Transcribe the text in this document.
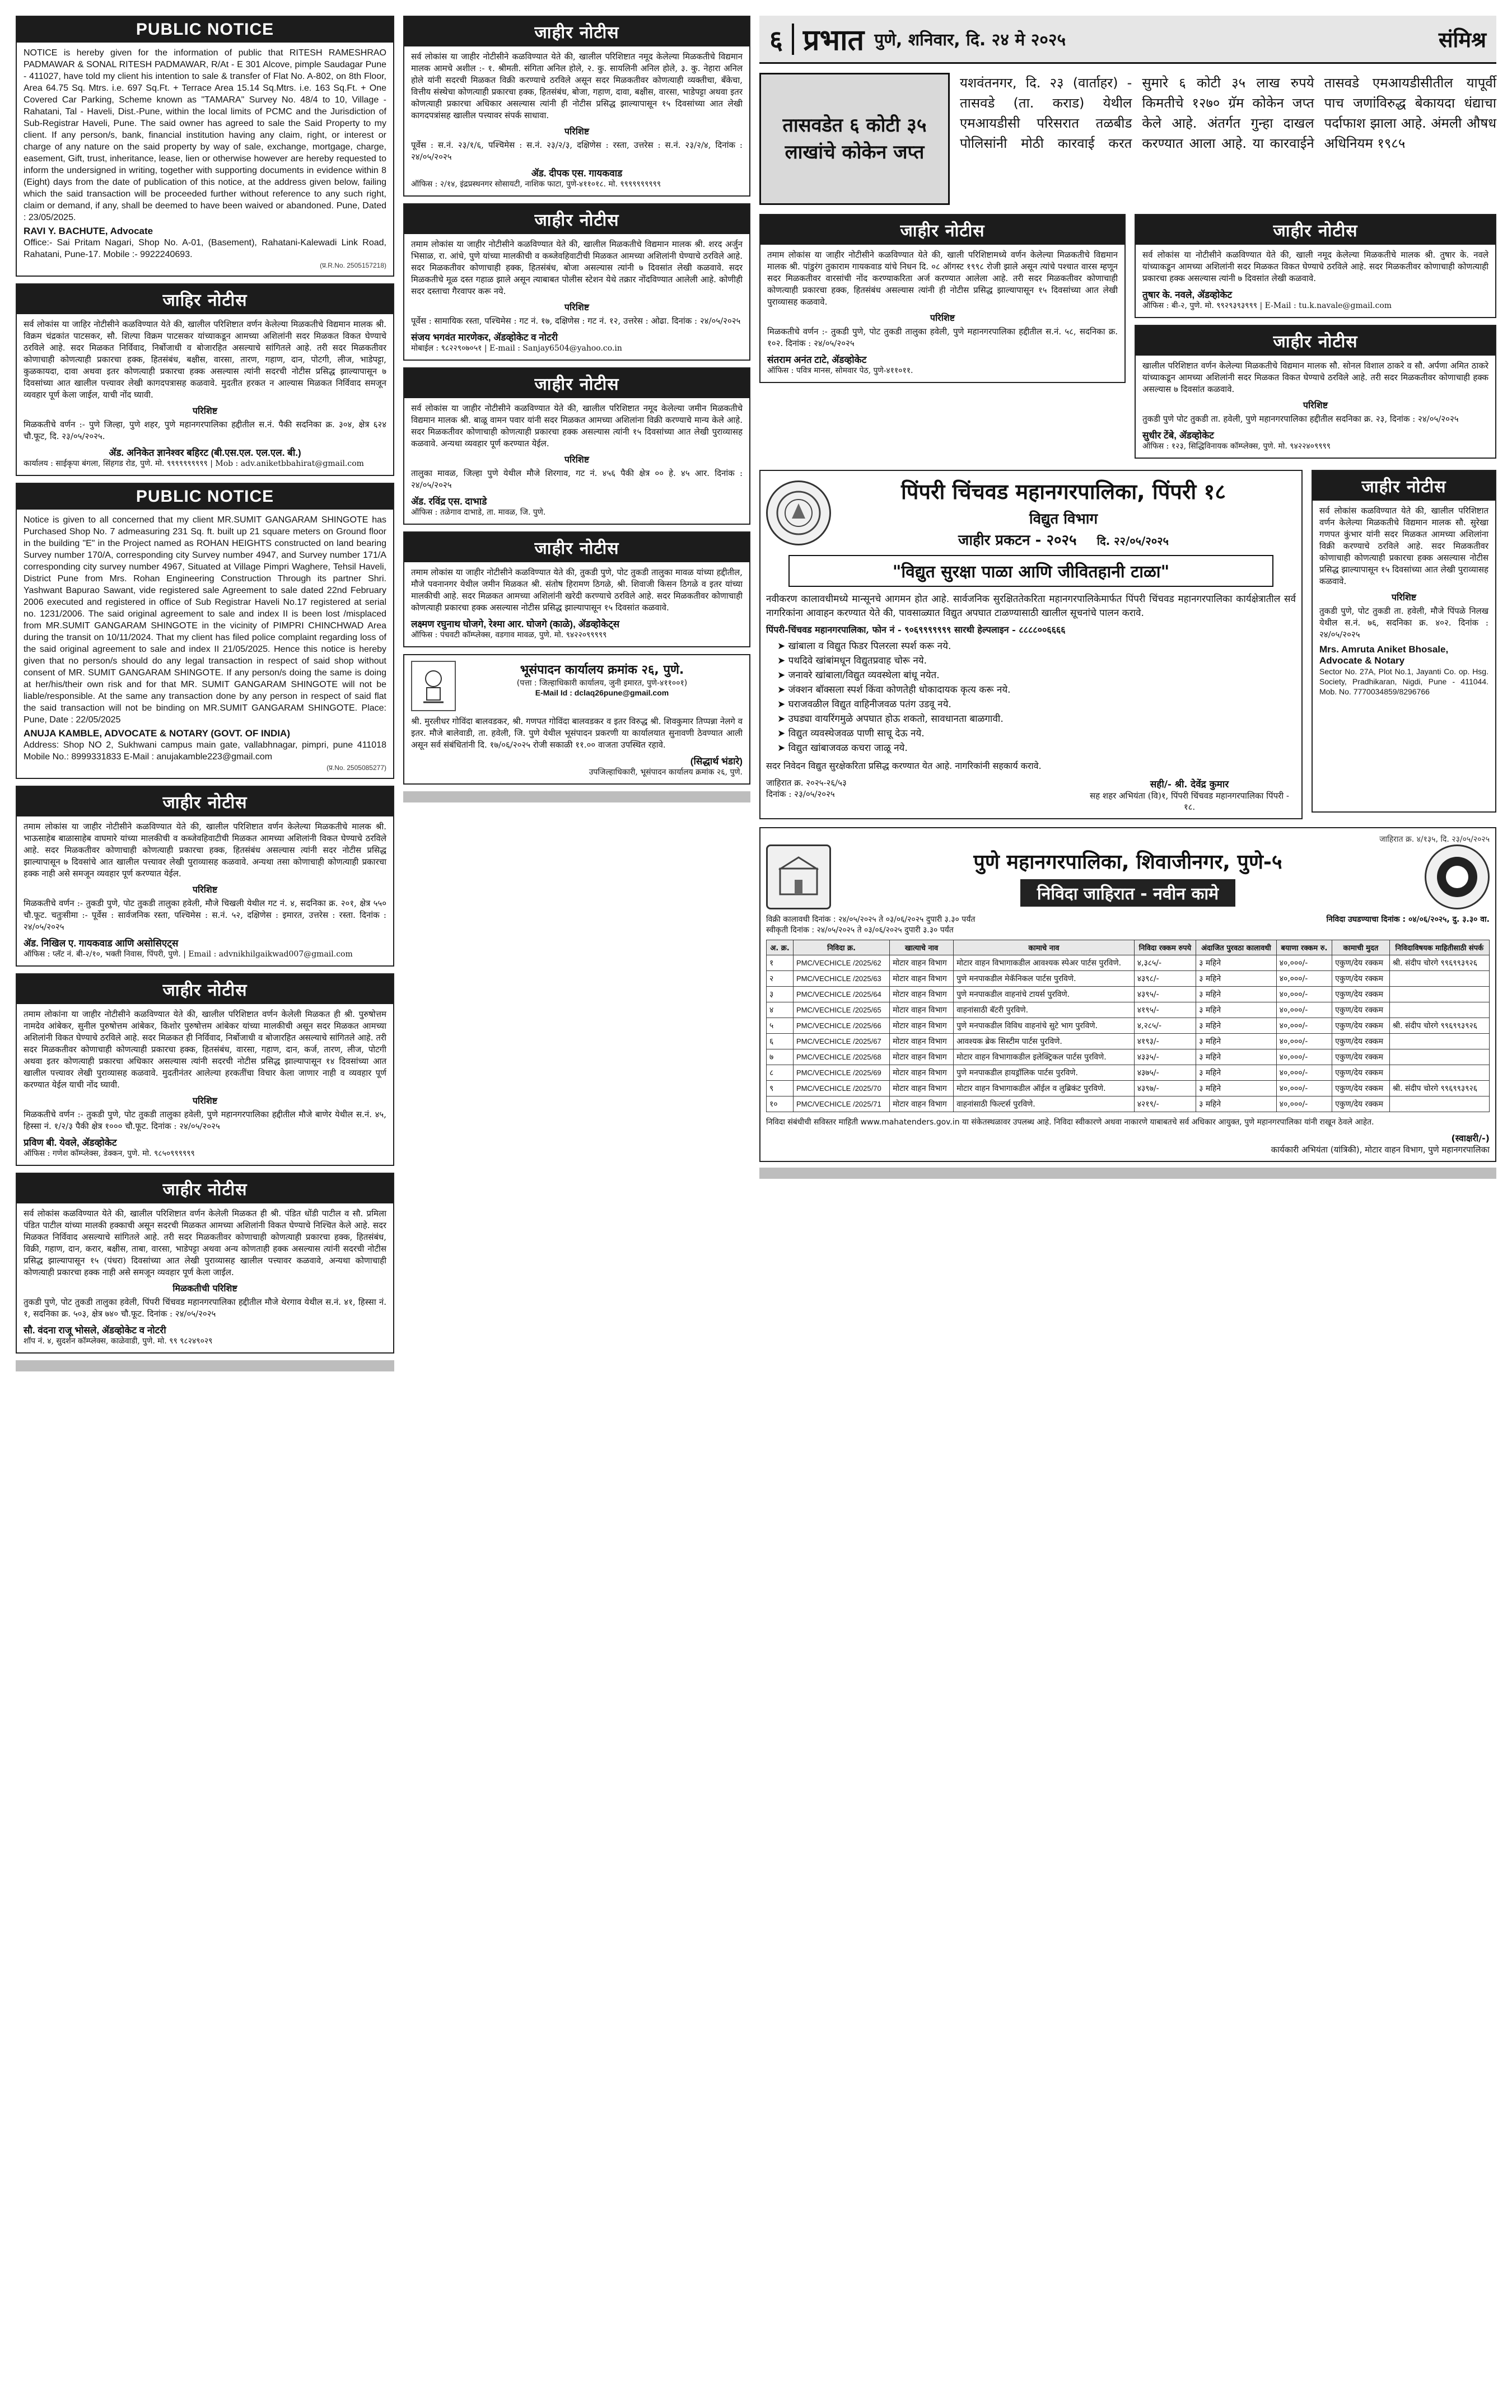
PUBLIC NOTICE

NOTICE is hereby given for the information of public that RITESH RAMESHRAO PADMAWAR & SONAL RITESH PADMAWAR, R/At - E 301 Alcove, pimple Saudagar Pune - 411027, have told my client his intention to sale & transfer of Flat No. A-802, on 8th Floor, Area 64.75 Sq. Mtrs. i.e. 697 Sq.Ft. + Terrace Area 15.14 Sq.Mtrs. i.e. 163 Sq.Ft. + One Covered Car Parking, Scheme known as "TAMARA" Survey No. 48/4 to 10, Village - Rahatani, Tal - Haveli, Dist.-Pune, within the local limits of PCMC and the Jurisdiction of Sub-Registrar Haveli, Pune. The said owner has agreed to sale the Said Property to my client. If any person/s, bank, financial institution having any claim, right, or interest or charge of any nature on the said property by way of sale, exchange, mortgage, charge, easement, Gift, trust, inheritance, lease, lien or otherwise however are hereby requested to inform the undersigned in writing, together with supporting documents in evidence within 8 (Eight) days from the date of publication of this notice, at the address given below, failing which the said transaction will be proceeded further without reference to any such right, claim or demand, if any, shall be deemed to have been waived or abandoned. Pune, Dated : 23/05/2025.

RAVI Y. BACHUTE, Advocate

Office:- Sai Pritam Nagari, Shop No. A-01, (Basement), Rahatani-Kalewadi Link Road, Rahatani, Pune-17. Mobile :- 9922240693.

(प्र.R.No. 2505157218)
जाहिर नोटीस

सर्व लोकांस या जाहिर नोटीसीने कळविण्यात येते की, खालील परिशिष्टात वर्णन केलेल्या मिळकतीचे विद्यमान मालक श्री. विक्रम चंद्रकांत पाटसकर, सौ. शिल्पा विक्रम पाटसकर यांच्याकडून आमच्या अशिलांनी सदर मिळकत विकत घेण्याचे ठरविले आहे. सदर मिळकत निर्विवाद, निर्बोजाधी व बोजारहित असल्याचे सांगितले आहे. तरी सदर मिळकतीवर कोणाचाही कोणत्याही प्रकारचा हक्क, हितसंबंध, बक्षीस, वारसा, तारण, गहाण, दान, पोटगी, लीज, भाडेपट्टा, कुळकायदा, दावा अथवा इतर कोणत्याही प्रकारचा हक्क असल्यास त्यांनी सदरची नोटीस प्रसिद्ध झाल्यापासून ७ दिवसांच्या आत खालील पत्त्यावर लेखी कागदपत्रासह कळवावे. मुदतीत हरकत न आल्यास मिळकत निर्विवाद समजून व्यवहार पूर्ण केला जाईल, याची नोंद घ्यावी.

परिशिष्ट

मिळकतीचे वर्णन :- पुणे जिल्हा, पुणे शहर, पुणे महानगरपालिका हद्दीतील स.नं. पैकी सदनिका क्र. ३०४, क्षेत्र ६२४ चौ.फूट, दि. २३/०५/२०२५.

ॲड. अनिकेत ज्ञानेश्वर बहिरट (बी.एस.एल. एल.एल. बी.)

कार्यालय : साईकृपा बंगला, सिंहगड रोड, पुणे. मो. ९९९९९९९९९९ | Mob : adv.aniketbbahirat@gmail.com

PUBLIC NOTICE

Notice is given to all concerned that my client MR.SUMIT GANGARAM SHINGOTE has Purchased Shop No. 7 admeasuring 231 Sq. ft. built up 21 square meters on Ground floor in the building "E" in the Project named as ROHAN HEIGHTS constructed on land bearing Survey number 170/A, corresponding city Survey number 4947, and Survey number 171/A corresponding city survey number 4967, Situated at Village Pimpri Waghere, Tehsil Haveli, District Pune from Mrs. Rohan Engineering Construction Through its partner Shri. Yashwant Bapurao Sawant, vide registered sale Agreement to sale dated 22nd February 2006 executed and registered in office of Sub Registrar Haveli No.17 registered at serial no. 1231/2006. The said original agreement to sale and index II is been lost /misplaced from MR.SUMIT GANGARAM SHINGOTE in the vicinity of PIMPRI CHINCHWAD Area during the transit on 10/11/2024. That my client has filed police complaint regarding loss of the said original agreement to sale and index II 21/05/2025. Hence this notice is hereby given that no person/s should do any legal transaction in respect of said shop without consent of MR. SUMIT GANGARAM SHINGOTE. If any person/s doing the same is doing at her/his/their own risk and for that MR. SUMIT GANGARAM SHINGOTE will not be liable/responsible. At the same any transaction done by any person in respect of said flat the said transaction will not be binding on MR.SUMIT GANGARAM SHINGOTE. Place: Pune, Date : 22/05/2025

ANUJA KAMBLE, ADVOCATE & NOTARY (GOVT. OF INDIA)

Address: Shop NO 2, Sukhwani campus main gate, vallabhnagar, pimpri, pune 411018 Mobile No.: 8999331833 E-Mail : anujakamble223@gmail.com

(प्र.No. 2505085277)
जाहीर नोटीस

तमाम लोकांस या जाहीर नोटीसीने कळविण्यात येते की, खालील परिशिष्टात वर्णन केलेल्या मिळकतीचे मालक श्री. भाऊसाहेब बाळासाहेब वाघमारे यांच्या मालकीची व कब्जेवहिवाटीची मिळकत आमच्या अशिलांनी विकत घेण्याचे ठरविले आहे. सदर मिळकतीवर कोणाचाही कोणत्याही प्रकारचा हक्क, हितसंबंध असल्यास त्यांनी सदर नोटीस प्रसिद्ध झाल्यापासून ७ दिवसांचे आत खालील पत्त्यावर लेखी पुराव्यासह कळवावे. अन्यथा तसा कोणाचाही कोणत्याही प्रकारचा हक्क नाही असे समजून व्यवहार पूर्ण करण्यात येईल.

परिशिष्ट

मिळकतीचे वर्णन :- तुकडी पुणे, पोट तुकडी तालुका हवेली, मौजे चिखली येथील गट नं. ४, सदनिका क्र. २०१, क्षेत्र ५५० चौ.फूट. चतुःसीमा :- पूर्वेस : सार्वजनिक रस्ता, पश्चिमेस : स.नं. ५२, दक्षिणेस : इमारत, उत्तरेस : रस्ता. दिनांक : २४/०५/२०२५

ॲड. निखिल ए. गायकवाड आणि असोसिएट्स

ऑफिस : प्लॅट नं. बी-२/१०, भक्ती निवास, पिंपरी, पुणे. | Email : advnikhilgaikwad007@gmail.com

जाहीर नोटीस

तमाम लोकांना या जाहीर नोटीसीने कळविण्यात येते की, खालील परिशिष्टात वर्णन केलेली मिळकत ही श्री. पुरुषोत्तम नामदेव आंबेकर, सुनील पुरुषोत्तम आंबेकर, किशोर पुरुषोत्तम आंबेकर यांच्या मालकीची असून सदर मिळकत आमच्या अशिलांनी विकत घेण्याचे ठरविले आहे. सदर मिळकत ही निर्विवाद, निर्बोजाधी व बोजारहित असल्याचे सांगितले आहे. तरी सदर मिळकतीवर कोणाचाही कोणत्याही प्रकारचा हक्क, हितसंबंध, वारसा, गहाण, दान, कर्ज, तारण, लीज, पोटगी अथवा इतर कोणत्याही प्रकारचा अधिकार असल्यास त्यांनी सदरची नोटीस प्रसिद्ध झाल्यापासून १४ दिवसांच्या आत खालील पत्त्यावर लेखी पुराव्यासह कळवावे. मुदतीनंतर आलेल्या हरकतींचा विचार केला जाणार नाही व व्यवहार पूर्ण करण्यात येईल याची नोंद घ्यावी.

परिशिष्ट

मिळकतीचे वर्णन :- तुकडी पुणे, पोट तुकडी तालुका हवेली, पुणे महानगरपालिका हद्दीतील मौजे बाणेर येथील स.नं. ४५, हिस्सा नं. १/२/३ पैकी क्षेत्र १००० चौ.फूट. दिनांक : २४/०५/२०२५

प्रविण बी. येवले, ॲडव्होकेट

ऑफिस : गणेश कॉम्प्लेक्स, डेक्कन, पुणे. मो. ९८५०९९९९९९

जाहीर नोटीस

सर्व लोकांस कळविण्यात येते की, खालील परिशिष्टात वर्णन केलेली मिळकत ही श्री. पंडित धोंडी पाटील व सौ. प्रमिला पंडित पाटील यांच्या मालकी हक्काची असून सदरची मिळकत आमच्या अशिलांनी विकत घेण्याचे निश्चित केले आहे. सदर मिळकत निर्विवाद असल्याचे सांगितले आहे. तरी सदर मिळकतीवर कोणाचाही कोणत्याही प्रकारचा हक्क, हितसंबंध, विक्री, गहाण, दान, करार, बक्षीस, ताबा, वारसा, भाडेपट्टा अथवा अन्य कोणताही हक्क असल्यास त्यांनी सदरची नोटीस प्रसिद्ध झाल्यापासून १५ (पंधरा) दिवसांच्या आत लेखी पुराव्यासह खालील पत्त्यावर कळवावे, अन्यथा कोणाचाही कोणत्याही प्रकारचा हक्क नाही असे समजून व्यवहार पूर्ण केला जाईल.

मिळकतीची परिशिष्ट

तुकडी पुणे, पोट तुकडी तालुका हवेली, पिंपरी चिंचवड महानगरपालिका हद्दीतील मौजे थेरगाव येथील स.नं. ४१, हिस्सा नं. १, सदनिका क्र. ५०३, क्षेत्र ७४० चौ.फूट. दिनांक : २४/०५/२०२५

सौ. वंदना राजू भोसले, ॲडव्होकेट व नोटरी

शॉप नं. ४, सुदर्शन कॉम्प्लेक्स, काळेवाडी, पुणे. मो. ९९ ९८२४९०२९

जाहीर नोटीस

सर्व लोकांस या जाहीर नोटीसीने कळविण्यात येते की, खालील परिशिष्टात नमूद केलेल्या मिळकतीचे विद्यमान मालक आमचे अशील :- १. श्रीमती. संगिता अनिल होले, २. कु. सायलिनी अनिल होले, ३. कु. नेहारा अनिल होले यांनी सदरची मिळकत विक्री करण्याचे ठरविले असून सदर मिळकतीवर कोणत्याही व्यक्तीचा, बँकेचा, वित्तीय संस्थेचा कोणत्याही प्रकारचा हक्क, हितसंबंध, बोजा, गहाण, दावा, बक्षीस, वारसा, भाडेपट्टा अथवा इतर कोणत्याही प्रकारचा अधिकार असल्यास त्यांनी ही नोटीस प्रसिद्ध झाल्यापासून १५ दिवसांच्या आत लेखी कागदपत्रांसह खालील पत्त्यावर संपर्क साधावा.

परिशिष्ट

पूर्वेस : स.नं. २३/१/६, पश्चिमेस : स.नं. २३/२/३, दक्षिणेस : रस्ता, उत्तरेस : स.नं. २३/२/४, दिनांक : २४/०५/२०२५

ॲड. दीपक एस. गायकवाड

ऑफिस : २/१४, इंद्रप्रस्थनगर सोसायटी, नाशिक फाटा, पुणे-४११०१८. मो. ९९९९९९९९९९

जाहीर नोटीस

तमाम लोकांस या जाहीर नोटीसीने कळविण्यात येते की, खालील मिळकतीचे विद्यमान मालक श्री. शरद अर्जुन भिसाळ, रा. आंधे, पुणे यांच्या मालकीची व कब्जेवहिवाटीची मिळकत आमच्या अशिलांनी घेण्याचे ठरविले आहे. सदर मिळकतीवर कोणाचाही हक्क, हितसंबंध, बोजा असल्यास त्यांनी ७ दिवसांत लेखी कळवावे. सदर मिळकतीचे मूळ दस्त गहाळ झाले असून त्याबाबत पोलीस स्टेशन येथे तक्रार नोंदविण्यात आलेली आहे. कोणीही सदर दस्ताचा गैरवापर करू नये.

परिशिष्ट

पूर्वेस : सामायिक रस्ता, पश्चिमेस : गट नं. १७, दक्षिणेस : गट नं. १२, उत्तरेस : ओढा. दिनांक : २४/०५/२०२५

संजय भगवंत मारणेकर, ॲडव्होकेट व नोटरी

मोबाईल : ९८२२९०७०५१ | E-mail : Sanjay6504@yahoo.co.in

जाहीर नोटीस

सर्व लोकांस या जाहीर नोटीसीने कळविण्यात येते की, खालील परिशिष्टात नमूद केलेल्या जमीन मिळकतीचे विद्यमान मालक श्री. बाळू वामन पवार यांनी सदर मिळकत आमच्या अशिलांना विक्री करण्याचे मान्य केले आहे. सदर मिळकतीवर कोणाचाही कोणत्याही प्रकारचा हक्क असल्यास त्यांनी १५ दिवसांच्या आत लेखी पुराव्यासह कळवावे. अन्यथा व्यवहार पूर्ण करण्यात येईल.

परिशिष्ट

तालुका मावळ, जिल्हा पुणे येथील मौजे शिरगाव, गट नं. ४५६ पैकी क्षेत्र ०० हे. ४५ आर. दिनांक : २४/०५/२०२५

ॲड. रविंद्र एस. दाभाडे

ऑफिस : तळेगाव दाभाडे, ता. मावळ, जि. पुणे.

जाहीर नोटीस

तमाम लोकांस या जाहीर नोटीसीने कळविण्यात येते की, तुकडी पुणे, पोट तुकडी तालुका मावळ यांच्या हद्दीतील, मौजे पवनानगर येथील जमीन मिळकत श्री. संतोष हिरामण ठिगळे, श्री. शिवाजी किसन ठिगळे व इतर यांच्या मालकीची आहे. सदर मिळकत आमच्या अशिलांनी खरेदी करण्याचे ठरविले आहे. सदर मिळकतीवर कोणाचाही कोणत्याही प्रकारचा हक्क असल्यास नोटीस प्रसिद्ध झाल्यापासून १५ दिवसांत कळवावे.

लक्ष्मण रघुनाथ घोजगे, रेश्मा आर. घोजगे (काळे), ॲडव्होकेट्स

ऑफिस : पंचवटी कॉम्प्लेक्स, वडगाव मावळ, पुणे. मो. ९४२२०९९९९९

भूसंपादन कार्यालय क्रमांक २६, पुणे.
(पत्ता : जिल्हाधिकारी कार्यालय, जुनी इमारत, पुणे-४११००१)
E-Mail Id : dclaq26pune@gmail.com

श्री. मुरलीधर गोविंदा बालवडकर, श्री. गणपत गोविंदा बालवडकर व इतर विरुद्ध श्री. शिवकुमार तिप्पन्ना नेलगे व इतर. मौजे बालेवाडी, ता. हवेली, जि. पुणे येथील भूसंपादन प्रकरणी या कार्यालयात सुनावणी ठेवण्यात आली असून सर्व संबंधितांनी दि. १७/०६/२०२५ रोजी सकाळी ११.०० वाजता उपस्थित रहावे.

(सिद्धार्थ भंडारे)

उपजिल्हाधिकारी, भूसंपादन कार्यालय क्रमांक २६, पुणे.

६ प्रभात पुणे, शनिवार, दि. २४ मे २०२५	संमिश्र
तासवडेत ६ कोटी ३५ लाखांचे कोकेन जप्त
यशवंतनगर, दि. २३ (वार्ताहर) - तासवडे (ता. कराड) येथील एमआयडीसी परिसरात तळबीड पोलिसांनी मोठी कारवाई करत सुमारे ६ कोटी ३५ लाख रुपये किमतीचे १२७० ग्रॅम कोकेन जप्त केले आहे. अंतर्गत गुन्हा दाखल करण्यात आला आहे. या कारवाईने तासवडे एमआयडीसीतील यापूर्वी पाच जणांविरुद्ध बेकायदा धंद्याचा पर्दाफाश झाला आहे. अंमली औषध अधिनियम १९८५
जाहीर नोटीस

तमाम लोकांस या जाहीर नोटीसीने कळविण्यात येते की, खाली परिशिष्टामध्ये वर्णन केलेल्या मिळकतीचे विद्यमान मालक श्री. पांडुरंग तुकाराम गायकवाड यांचे निधन दि. ०८ ऑगस्ट १९९८ रोजी झाले असून त्यांचे पश्चात वारस म्हणून सदर मिळकतीवर वारसांची नोंद करण्याकरिता अर्ज करण्यात आलेला आहे. तरी सदर मिळकतीवर कोणाचाही कोणत्याही प्रकारचा हक्क, हितसंबंध असल्यास त्यांनी ही नोटीस प्रसिद्ध झाल्यापासून १५ दिवसांच्या आत लेखी पुराव्यासह कळवावे.

परिशिष्ट

मिळकतीचे वर्णन :- तुकडी पुणे, पोट तुकडी तालुका हवेली, पुणे महानगरपालिका हद्दीतील स.नं. ५८, सदनिका क्र. १०२. दिनांक : २४/०५/२०२५

संतराम अनंत टाटे, ॲडव्होकेट

ऑफिस : पवित्र मानस, सोमवार पेठ, पुणे-४११०११.

जाहीर नोटीस

सर्व लोकांस या नोटीसीने कळविण्यात येते की, खाली नमूद केलेल्या मिळकतीचे मालक श्री. तुषार के. नवले यांच्याकडून आमच्या अशिलांनी सदर मिळकत विकत घेण्याचे ठरविले आहे. सदर मिळकतीवर कोणाचाही कोणत्याही प्रकारचा हक्क असल्यास त्यांनी ७ दिवसांत लेखी कळवावे.

तुषार के. नवले, ॲडव्होकेट

ऑफिस : बी-२, पुणे. मो. ९९२९३९३९९९ | E-Mail : tu.k.navale@gmail.com

जाहीर नोटीस

खालील परिशिष्टात वर्णन केलेल्या मिळकतीचे विद्यमान मालक सौ. सोनल विशाल ठाकरे व सौ. अर्पणा अमित ठाकरे यांच्याकडून आमच्या अशिलांनी सदर मिळकत विकत घेण्याचे ठरविले आहे. तरी सदर मिळकतीवर कोणाचाही हक्क असल्यास ७ दिवसांत कळवावे.

परिशिष्ट

तुकडी पुणे पोट तुकडी ता. हवेली, पुणे महानगरपालिका हद्दीतील सदनिका क्र. २३, दिनांक : २४/०५/२०२५

सुधीर टेंबे, ॲडव्होकेट

ऑफिस : १२३, सिद्धिविनायक कॉम्प्लेक्स, पुणे. मो. ९४२२४०९९९९

पिंपरी चिंचवड महानगरपालिका, पिंपरी १८
विद्युत विभाग
जाहीर प्रकटन - २०२५ दि. २२/०५/२०२५
"विद्युत सुरक्षा पाळा आणि जीवितहानी टाळा"

नवीकरण कालावधीमध्ये मान्सूनचे आगमन होत आहे. सार्वजनिक सुरक्षिततेकरिता महानगरपालिकेमार्फत पिंपरी चिंचवड महानगरपालिका कार्यक्षेत्रातील सर्व नागरिकांना आवाहन करण्यात येते की, पावसाळ्यात विद्युत अपघात टाळण्यासाठी खालील सूचनांचे पालन करावे.

पिंपरी-चिंचवड महानगरपालिका, फोन नं - ९०६९९९९९९९ सारथी हेल्पलाइन - ८८८८००६६६६

➤ खांबाला व विद्युत फिडर पिलरला स्पर्श करू नये.
➤ पथदिवे खांबांमधून विद्युतप्रवाह चोरू नये.
➤ जनावरे खांबाला/विद्युत व्यवस्थेला बांधू नयेत.
➤ जंक्शन बॉक्सला स्पर्श किंवा कोणतेही धोकादायक कृत्य करू नये.
➤ घराजवळील विद्युत वाहिनीजवळ पतंग उडवू नये.
➤ उघड्या वायरिंगमुळे अपघात होऊ शकतो, सावधानता बाळगावी.
➤ विद्युत व्यवस्थेजवळ पाणी साचू देऊ नये.
➤ विद्युत खांबाजवळ कचरा जाळू नये.

सदर निवेदन विद्युत सुरक्षेकरिता प्रसिद्ध करण्यात येत आहे. नागरिकांनी सहकार्य करावे.

जाहिरात क्र. २०२५-२६/५३
दिनांक : २३/०५/२०२५
सही/- श्री. देवेंद्र कुमार
सह शहर अभियंता (वि)१, पिंपरी चिंचवड महानगरपालिका पिंपरी - १८.
जाहीर नोटीस

सर्व लोकांस कळविण्यात येते की, खालील परिशिष्टात वर्णन केलेल्या मिळकतीचे विद्यमान मालक सौ. सुरेखा गणपत कुंभार यांनी सदर मिळकत आमच्या अशिलांना विक्री करण्याचे ठरविले आहे. सदर मिळकतीवर कोणाचाही कोणत्याही प्रकारचा हक्क असल्यास नोटीस प्रसिद्ध झाल्यापासून १५ दिवसांच्या आत लेखी पुराव्यासह कळवावे.

परिशिष्ट

तुकडी पुणे, पोट तुकडी ता. हवेली, मौजे पिंपळे निलख येथील स.नं. ७६, सदनिका क्र. ४०२. दिनांक : २४/०५/२०२५

Mrs. Amruta Aniket Bhosale, Advocate & Notary

Sector No. 27A, Plot No.1, Jayanti Co. op. Hsg. Society, Pradhikaran, Nigdi, Pune - 411044. Mob. No. 7770034859/8296766

जाहिरात क्र. ४/१३५, दि. २३/०५/२०२५
पुणे महानगरपालिका, शिवाजीनगर, पुणे-५
निविदा जाहिरात - नवीन कामे
विक्री कालावधी दिनांक : २४/०५/२०२५ ते ०३/०६/२०२५ दुपारी ३.३० पर्यंत
स्वीकृती दिनांक : २४/०५/२०२५ ते ०३/०६/२०२५ दुपारी ३.३० पर्यंत
निविदा उघडण्याचा दिनांक : ०४/०६/२०२५, दु. ३.३० वा.
अ. क्र.	निविदा क्र.	खात्याचे नाव	कामाचे नाव	निविदा रक्कम रुपये	अंदाजित पुरवठा कालावधी	बयाणा रक्कम रु.	कामाची मुदत	निविदाविषयक माहितीसाठी संपर्क
१	PMC/VECHICLE /2025/62	मोटार वाहन विभाग	मोटार वाहन विभागाकडील आवश्यक स्पेअर पार्टस पुरविणे.	४,३८५/-	३ महिने	४०,०००/-	एकुण/देय रक्कम	श्री. संदीप चोरगे ९९६९९३९२६
२	PMC/VECHICLE /2025/63	मोटार वाहन विभाग	पुणे मनपाकडील मेकॅनिकल पार्टस पुरविणे.	४३९८/-	३ महिने	४०,०००/-	एकुण/देय रक्कम	
३	PMC/VECHICLE /2025/64	मोटार वाहन विभाग	पुणे मनपाकडील वाहनांचे टायर्स पुरविणे.	४३९५/-	३ महिने	४०,०००/-	एकुण/देय रक्कम	
४	PMC/VECHICLE /2025/65	मोटार वाहन विभाग	वाहनांसाठी बॅटरी पुरविणे.	४१९५/-	३ महिने	४०,०००/-	एकुण/देय रक्कम	
५	PMC/VECHICLE /2025/66	मोटार वाहन विभाग	पुणे मनपाकडील विविध वाहनांचे सुटे भाग पुरविणे.	४,२८५/-	३ महिने	४०,०००/-	एकुण/देय रक्कम	श्री. संदीप चोरगे ९९६९९३९२६
६	PMC/VECHICLE /2025/67	मोटार वाहन विभाग	आवश्यक ब्रेक सिस्टीम पार्टस पुरविणे.	४१९३/-	३ महिने	४०,०००/-	एकुण/देय रक्कम	
७	PMC/VECHICLE /2025/68	मोटार वाहन विभाग	मोटार वाहन विभागाकडील इलेक्ट्रिकल पार्टस पुरविणे.	४३३५/-	३ महिने	४०,०००/-	एकुण/देय रक्कम	
८	PMC/VECHICLE /2025/69	मोटार वाहन विभाग	पुणे मनपाकडील हायड्रॉलिक पार्टस पुरविणे.	४३७५/-	३ महिने	४०,०००/-	एकुण/देय रक्कम	
९	PMC/VECHICLE /2025/70	मोटार वाहन विभाग	मोटार वाहन विभागाकडील ऑईल व लुब्रिकंट पुरविणे.	४३९७/-	३ महिने	४०,०००/-	एकुण/देय रक्कम	श्री. संदीप चोरगे ९९६९९३९२६
१०	PMC/VECHICLE /2025/71	मोटार वाहन विभाग	वाहनांसाठी फिल्टर्स पुरविणे.	४२१९/-	३ महिने	४०,०००/-	एकुण/देय रक्कम	

निविदा संबंधीची सविस्तर माहिती www.mahatenders.gov.in या संकेतस्थळावर उपलब्ध आहे. निविदा स्वीकारणे अथवा नाकारणे याबाबतचे सर्व अधिकार आयुक्त, पुणे महानगरपालिका यांनी राखून ठेवले आहेत.

(स्वाक्षरी/-)
कार्यकारी अभियंता (यांत्रिकी), मोटार वाहन विभाग, पुणे महानगरपालिका
